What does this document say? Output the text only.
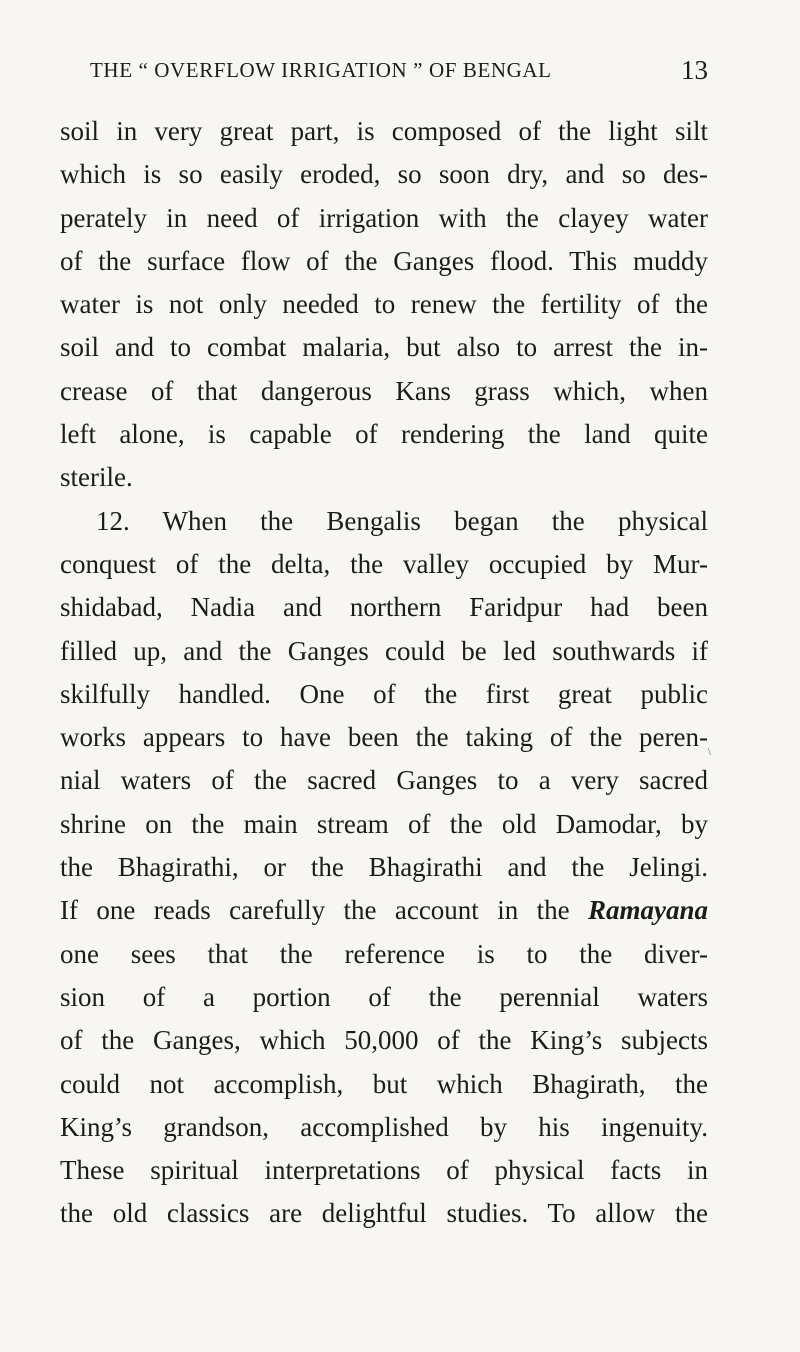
THE “ OVERFLOW IRRIGATION ” OF BENGAL	13
soil in very great part, is composed of the light silt
which is so easily eroded, so soon dry, and so des-
perately in need of irrigation with the clayey water
of the surface flow of the Ganges flood. This muddy
water is not only needed to renew the fertility of the
soil and to combat malaria, but also to arrest the in-
crease of that dangerous Kans grass which, when
left alone, is capable of rendering the land quite
sterile.
12. When the Bengalis began the physical
conquest of the delta, the valley occupied by Mur-
shidabad, Nadia and northern Faridpur had been
filled up, and the Ganges could be led southwards if
skilfully handled. One of the first great public
works appears to have been the taking of the peren-
nial waters of the sacred Ganges to a very sacred
shrine on the main stream of the old Damodar, by
the Bhagirathi, or the Bhagirathi and the Jelingi.
If one reads carefully the account in the Ramayana
one sees that the reference is to the diver-
sion of a portion of the perennial waters
of the Ganges, which 50,000 of the King’s subjects
could not accomplish, but which Bhagirath, the
King’s grandson, accomplished by his ingenuity.
These spiritual interpretations of physical facts in
the old classics are delightful studies. To allow the
\
